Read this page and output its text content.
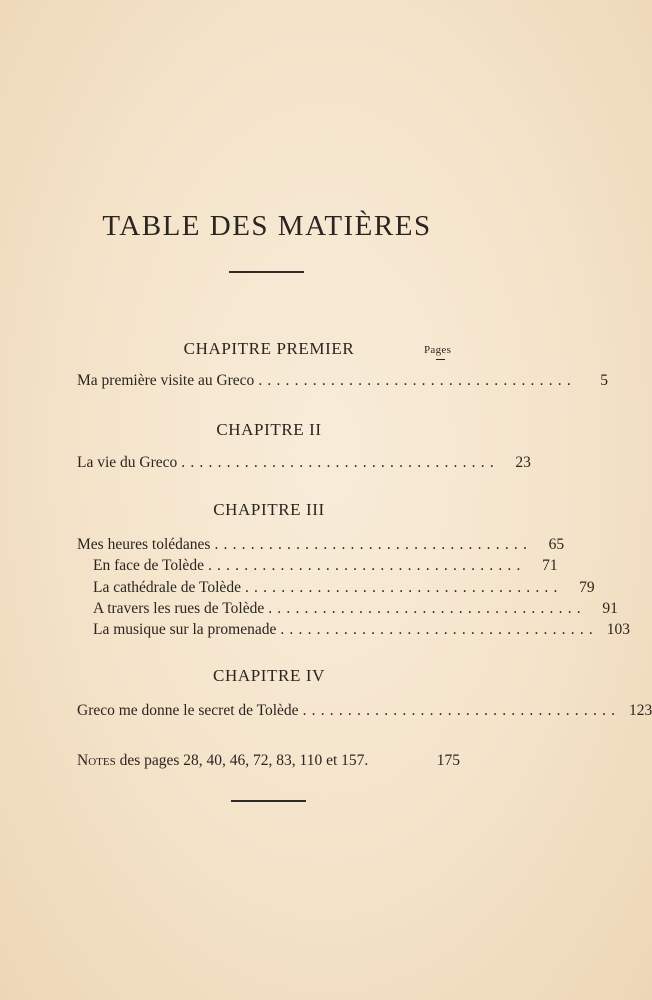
TABLE DES MATIÈRES
CHAPITRE PREMIER	Pages
Ma première visite au Greco ...................................	5
CHAPITRE II
La vie du Greco ...................................	23
CHAPITRE III
Mes heures tolédanes ...................................	65
En face de Tolède ...................................	71
La cathédrale de Tolède ...................................	79
A travers les rues de Tolède ...................................	91
La musique sur la promenade ................................... 103
CHAPITRE IV
Greco me donne le secret de Tolède ................................... 123
Notes des pages 28, 40, 46, 72, 83, 110 et 157.	175
